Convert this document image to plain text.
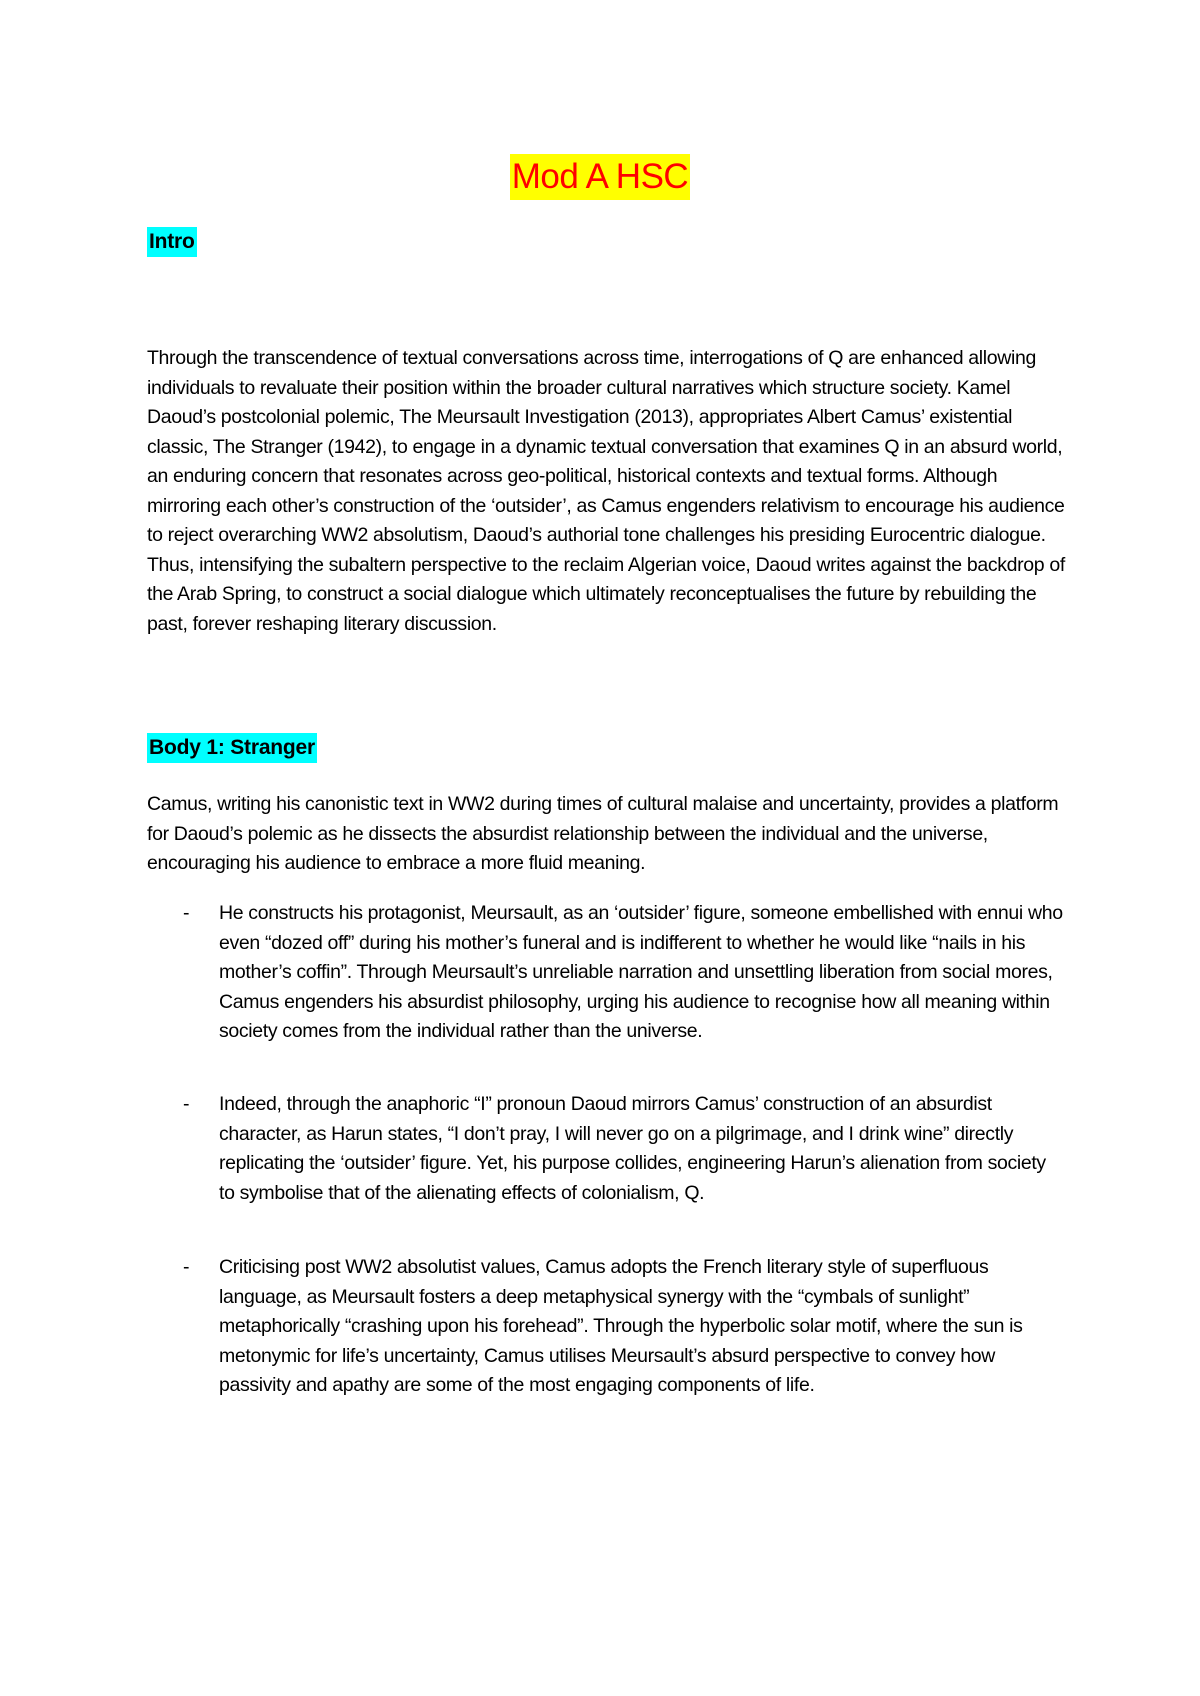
Mod A HSC
Intro

Through the transcendence of textual conversations across time, interrogations of Q are enhanced allowing individuals to revaluate their position within the broader cultural narratives which structure society. Kamel Daoud’s postcolonial polemic, The Meursault Investigation (2013), appropriates Albert Camus’ existential classic, The Stranger (1942), to engage in a dynamic textual conversation that examines Q in an absurd world, an enduring concern that resonates across geo-political, historical contexts and textual forms. Although mirroring each other’s construction of the ‘outsider’, as Camus engenders relativism to encourage his audience to reject overarching WW2 absolutism, Daoud’s authorial tone challenges his presiding Eurocentric dialogue. Thus, intensifying the subaltern perspective to the reclaim Algerian voice, Daoud writes against the backdrop of the Arab Spring, to construct a social dialogue which ultimately reconceptualises the future by rebuilding the past, forever reshaping literary discussion.

Body 1: Stranger

Camus, writing his canonistic text in WW2 during times of cultural malaise and uncertainty, provides a platform for Daoud’s polemic as he dissects the absurdist relationship between the individual and the universe, encouraging his audience to embrace a more fluid meaning.

- He constructs his protagonist, Meursault, as an ‘outsider’ figure, someone embellished with ennui who even “dozed off” during his mother’s funeral and is indifferent to whether he would like “nails in his mother’s coffin”. Through Meursault’s unreliable narration and unsettling liberation from social mores, Camus engenders his absurdist philosophy, urging his audience to recognise how all meaning within society comes from the individual rather than the universe.
- Indeed, through the anaphoric “I” pronoun Daoud mirrors Camus’ construction of an absurdist character, as Harun states, “I don’t pray, I will never go on a pilgrimage, and I drink wine” directly replicating the ‘outsider’ figure. Yet, his purpose collides, engineering Harun’s alienation from society to symbolise that of the alienating effects of colonialism, Q.
- Criticising post WW2 absolutist values, Camus adopts the French literary style of superfluous language, as Meursault fosters a deep metaphysical synergy with the “cymbals of sunlight” metaphorically “crashing upon his forehead”. Through the hyperbolic solar motif, where the sun is metonymic for life’s uncertainty, Camus utilises Meursault’s absurd perspective to convey how passivity and apathy are some of the most engaging components of life.
